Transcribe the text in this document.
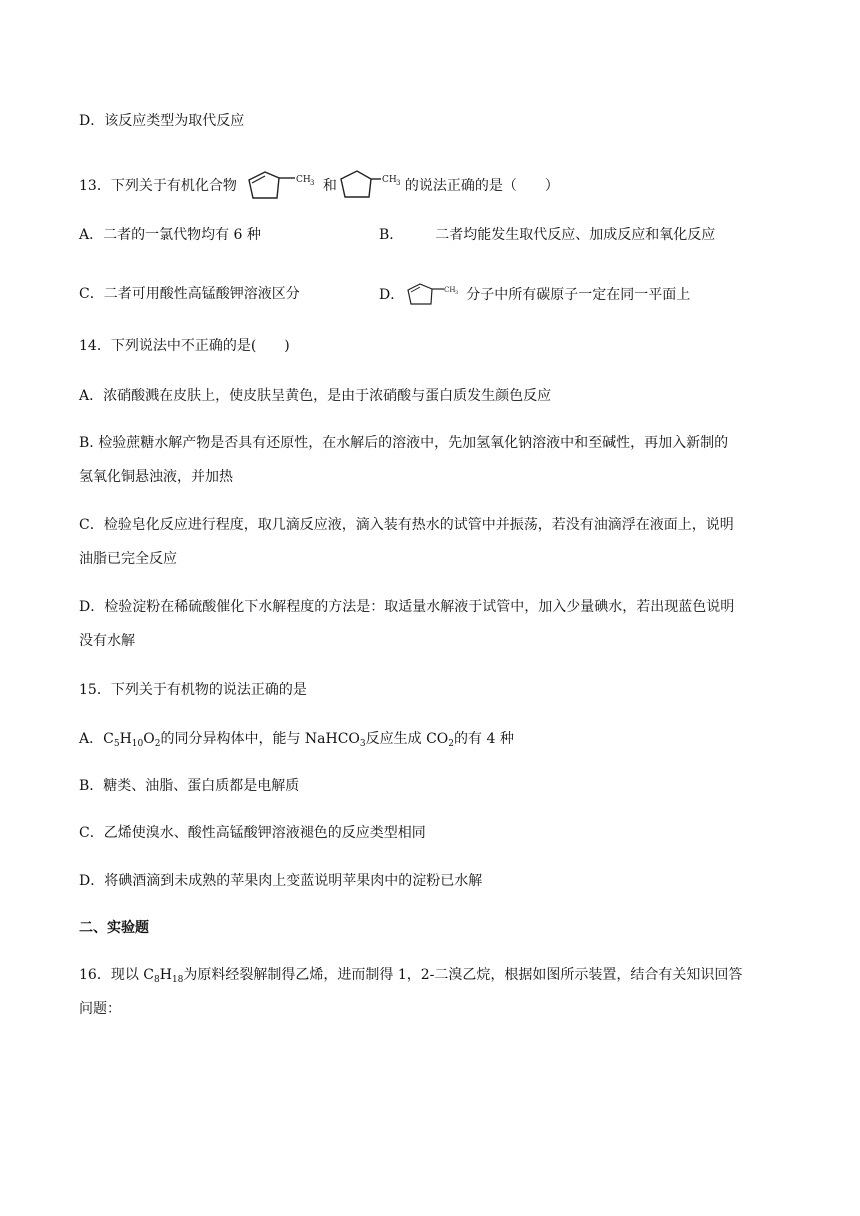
D．该反应类型为取代反应
13．下列关于有机化合物	CH 3 和	CH 3 的说法正确的是（　　）
A．二者的一氯代物均有 6 种	B． 二者均能发生取代反应、加成反应和氧化反应
C．二者可用酸性高锰酸钾溶液区分	D．	CH 3 分子中所有碳原子一定在同一平面上
14．下列说法中不正确的是(　　)
A．浓硝酸溅在皮肤上，使皮肤呈黄色，是由于浓硝酸与蛋白质发生颜色反应
B. 检验蔗糖水解产物是否具有还原性，在水解后的溶液中，先加氢氧化钠溶液中和至碱性，再加入新制的
氢氧化铜悬浊液，并加热
C．检验皂化反应进行程度，取几滴反应液，滴入装有热水的试管中并振荡，若没有油滴浮在液面上，说明
油脂已完全反应
D．检验淀粉在稀硫酸催化下水解程度的方法是：取适量水解液于试管中，加入少量碘水，若出现蓝色说明
没有水解
15．下列关于有机物的说法正确的是
A．$C_5H_{10}O_2$的同分异构体中，能与 NaHCO$_3$反应生成 $CO_2$的有 4 种
B．糖类、油脂、蛋白质都是电解质
C．乙烯使溴水、酸性高锰酸钾溶液褪色的反应类型相同
D．将碘酒滴到未成熟的苹果肉上变蓝说明苹果肉中的淀粉已水解
二、实验题
16．现以 $C_8H_{18}$为原料经裂解制得乙烯，进而制得 1，2-二溴乙烷，根据如图所示装置，结合有关知识回答
问题：
